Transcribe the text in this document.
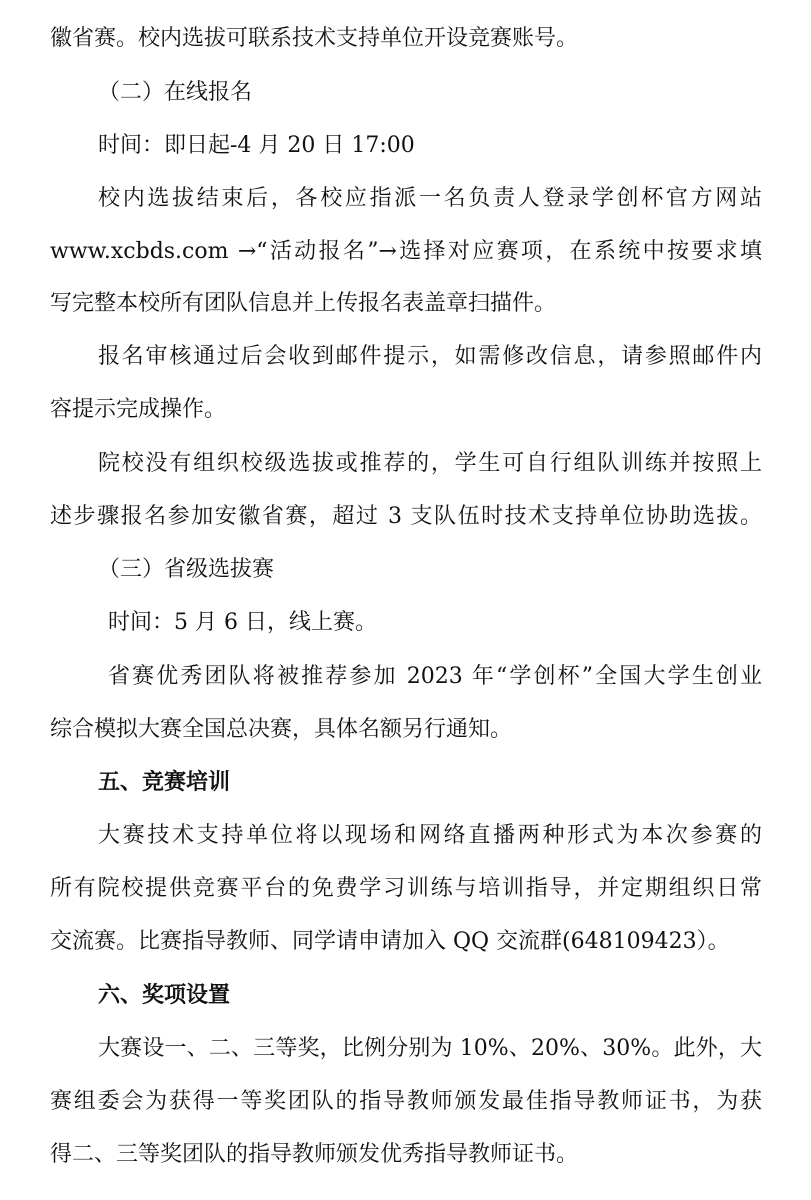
徽省赛。校内选拔可联系技术支持单位开设竞赛账号。
（二）在线报名
时间：即日起-4 月 20 日 17:00
校内选拔结束后，各校应指派一名负责人登录学创杯官方网站
www.xcbds.com →“活动报名”→选择对应赛项，在系统中按要求填
写完整本校所有团队信息并上传报名表盖章扫描件。
报名审核通过后会收到邮件提示，如需修改信息，请参照邮件内
容提示完成操作。
院校没有组织校级选拔或推荐的，学生可自行组队训练并按照上
述步骤报名参加安徽省赛，超过 3 支队伍时技术支持单位协助选拔。
（三）省级选拔赛
时间：5 月 6 日，线上赛。
省赛优秀团队将被推荐参加 2023 年“学创杯”全国大学生创业
综合模拟大赛全国总决赛，具体名额另行通知。
五、竞赛培训
大赛技术支持单位将以现场和网络直播两种形式为本次参赛的
所有院校提供竞赛平台的免费学习训练与培训指导，并定期组织日常
交流赛。比赛指导教师、同学请申请加入 QQ 交流群(648109423）。
六、奖项设置
大赛设一、二、三等奖，比例分别为 10%、20%、30%。此外，大
赛组委会为获得一等奖团队的指导教师颁发最佳指导教师证书，为获
得二、三等奖团队的指导教师颁发优秀指导教师证书。
